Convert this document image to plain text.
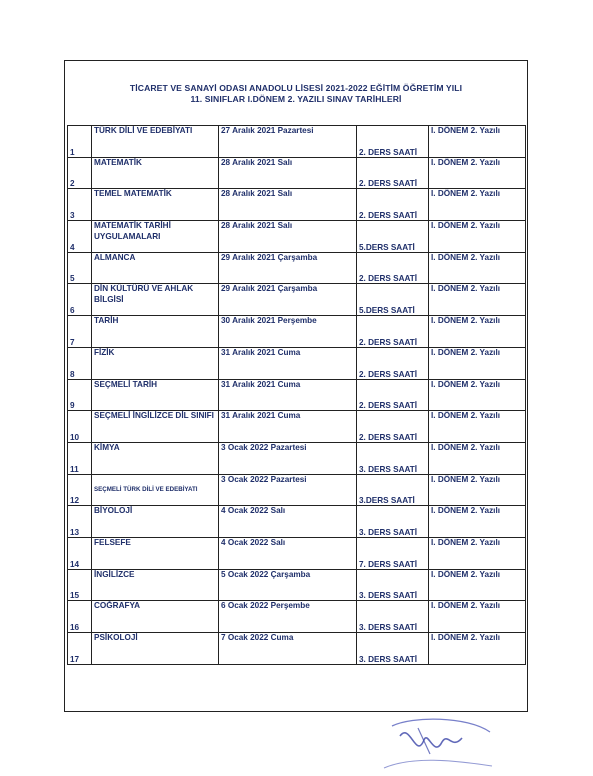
TİCARET VE SANAYİ ODASI ANADOLU LİSESİ 2021-2022 EĞİTİM ÖĞRETİM YILI
11. SINIFLAR I.DÖNEM 2. YAZILI SINAV TARİHLERİ
1	TÜRK DİLİ VE EDEBİYATI	27 Aralık 2021 Pazartesi	2. DERS SAATİ	I. DÖNEM 2. Yazılı
2	MATEMATİK	28 Aralık 2021 Salı	2. DERS SAATİ	I. DÖNEM 2. Yazılı
3	TEMEL MATEMATİK	28 Aralık 2021 Salı	2. DERS SAATİ	I. DÖNEM 2. Yazılı
4	MATEMATİK TARİHİ UYGULAMALARI	28 Aralık 2021 Salı	5.DERS SAATİ	I. DÖNEM 2. Yazılı
5	ALMANCA	29 Aralık 2021 Çarşamba	2. DERS SAATİ	I. DÖNEM 2. Yazılı
6	DİN KÜLTÜRÜ VE AHLAK BİLGİSİ	29 Aralık 2021 Çarşamba	5.DERS SAATİ	I. DÖNEM 2. Yazılı
7	TARİH	30 Aralık 2021 Perşembe	2. DERS SAATİ	I. DÖNEM 2. Yazılı
8	FİZİK	31 Aralık 2021 Cuma	2. DERS SAATİ	I. DÖNEM 2. Yazılı
9	SEÇMELİ TARİH	31 Aralık 2021 Cuma	2. DERS SAATİ	I. DÖNEM 2. Yazılı
10	SEÇMELİ İNGİLİZCE DİL SINIFI	31 Aralık 2021 Cuma	2. DERS SAATİ	I. DÖNEM 2. Yazılı
11	KİMYA	3 Ocak 2022 Pazartesi	3. DERS SAATİ	I. DÖNEM 2. Yazılı
12	SEÇMELİ TÜRK DİLİ VE EDEBİYATI	3 Ocak 2022 Pazartesi	3.DERS SAATİ	I. DÖNEM 2. Yazılı
13	BİYOLOJİ	4 Ocak 2022 Salı	3. DERS SAATİ	I. DÖNEM 2. Yazılı
14	FELSEFE	4 Ocak 2022 Salı	7. DERS SAATİ	I. DÖNEM 2. Yazılı
15	İNGİLİZCE	5 Ocak 2022 Çarşamba	3. DERS SAATİ	I. DÖNEM 2. Yazılı
16	COĞRAFYA	6 Ocak 2022 Perşembe	3. DERS SAATİ	I. DÖNEM 2. Yazılı
17	PSİKOLOJİ	7 Ocak 2022 Cuma	3. DERS SAATİ	I. DÖNEM 2. Yazılı
